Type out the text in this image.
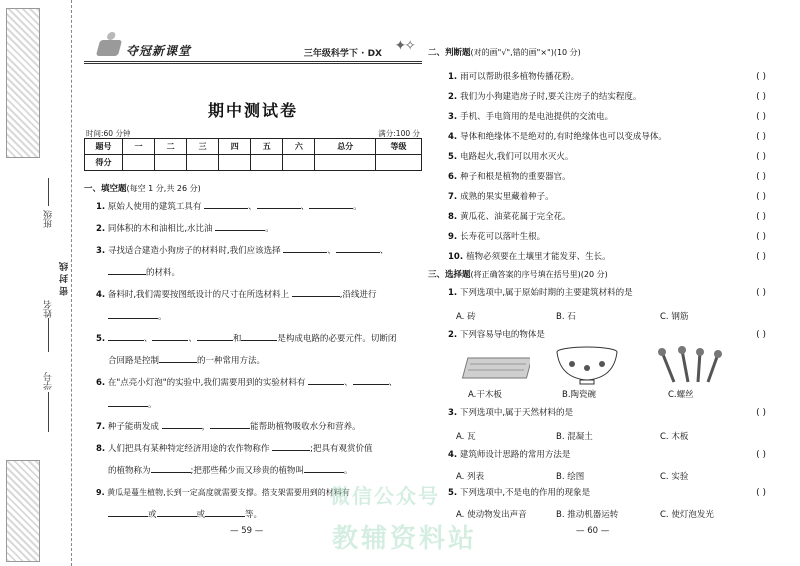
班级
姓名
学号
密 封 线
夺冠新课堂	三年级科学下 · DX ✦✧
期中测试卷
时间:60 分钟	满分:100 分
题号	一	二	三	四	五	六	总分	等级
得分								
一、填空题(每空 1 分,共 26 分)
1. 原始人使用的建筑工具有	、	、	。
2. 同体积的木和油相比,水比油	。
3. 寻找适合建造小狗房子的材料时,我们应该选择	、	、
的材料。
4. 备料时,我们需要按图纸设计的尺寸在所选材料上	,沿线进行
。
5.	、	、	和	是构成电路的必要元件。切断闭
合回路是控制	的一种常用方法。
6. 在"点亮小灯泡"的实验中,我们需要用到的实验材料有	、	、
。
7. 种子能萌发成	，	能帮助植物吸收水分和营养。
8. 人们把具有某种特定经济用途的农作物称作	;把具有观赏价值
的植物称为	;把那些稀少而又珍贵的植物叫	。
9. 黄瓜是蔓生植物,长到一定高度就需要支撑。搭支架需要用到的材料有
或	或	等。
— 59 —
二、判断题(对的画"√",错的画"×")(10 分)
1. 雨可以帮助很多植物传播花粉。	( )
2. 我们为小狗建造房子时,要关注房子的结实程度。	( )
3. 手机、手电筒用的是电池提供的交流电。	( )
4. 导体和绝缘体不是绝对的,有时绝缘体也可以变成导体。	( )
5. 电路起火,我们可以用水灭火。	( )
6. 种子和根是植物的重要器官。	( )
7. 成熟的果实里藏着种子。	( )
8. 黄瓜花、油菜花属于完全花。	( )
9. 长寿花可以落叶生根。	( )
10. 植物必须要在土壤里才能发芽、生长。	( )
三、选择题(将正确答案的序号填在括号里)(20 分)
1. 下列选项中,属于原始时期的主要建筑材料的是	( )
A. 砖	B. 石	C. 钢筋
2. 下列容易导电的物体是	( )
A.干木板	B.陶瓷碗	C.螺丝
3. 下列选项中,属于天然材料的是	( )
A. 瓦	B. 混凝土	C. 木板
4. 建筑师设计思路的常用方法是	( )
A. 列表	B. 绘图	C. 实验
5. 下列选项中,不是电的作用的现象是	( )
A. 使动物发出声音	B. 推动机器运转	C. 使灯泡发光
— 60 —
微信公众号
教辅资料站
